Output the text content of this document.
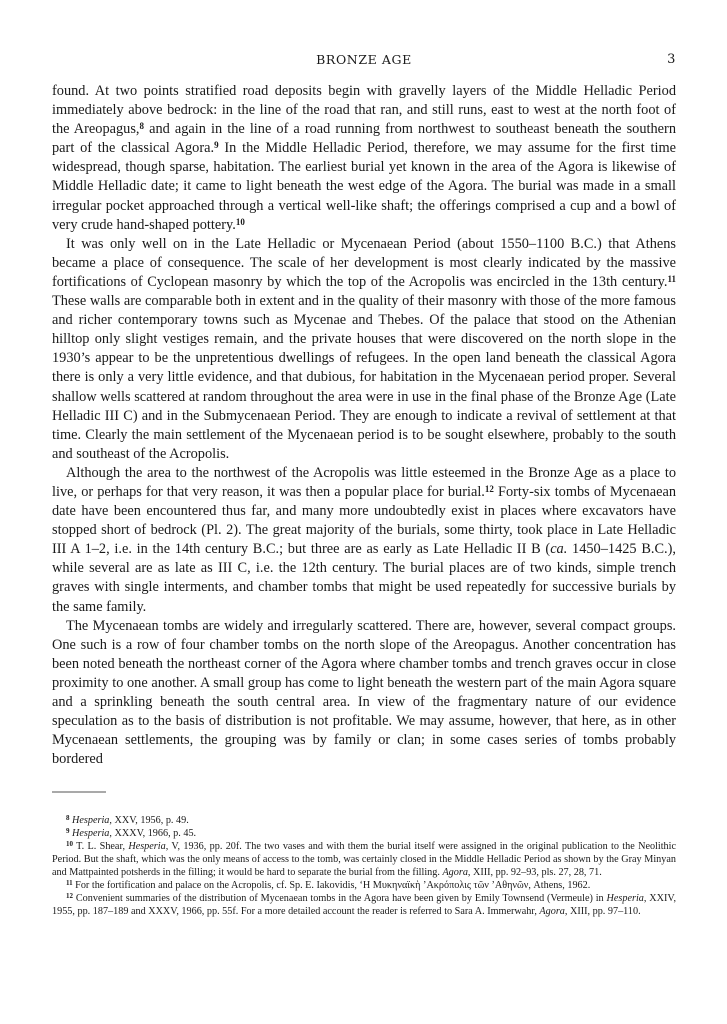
BRONZE AGE	3

found. At two points stratified road deposits begin with gravelly layers of the Middle Helladic Period immediately above bedrock: in the line of the road that ran, and still runs, east to west at the north foot of the Areopagus,$^8$ and again in the line of a road running from northwest to southeast beneath the southern part of the classical Agora.$^9$ In the Middle Helladic Period, therefore, we may assume for the first time widespread, though sparse, habitation. The earliest burial yet known in the area of the Agora is likewise of Middle Helladic date; it came to light beneath the west edge of the Agora. The burial was made in a small irregular pocket approached through a vertical well-like shaft; the offerings comprised a cup and a bowl of very crude hand-shaped pottery.$^{10}$

It was only well on in the Late Helladic or Mycenaean Period (about 1550–1100 B.C.) that Athens became a place of consequence. The scale of her development is most clearly indicated by the massive fortifications of Cyclopean masonry by which the top of the Acropolis was encircled in the 13th century.$^{11}$ These walls are comparable both in extent and in the quality of their masonry with those of the more famous and richer contemporary towns such as Mycenae and Thebes. Of the palace that stood on the Athenian hilltop only slight vestiges remain, and the private houses that were discovered on the north slope in the 1930’s appear to be the unpretentious dwellings of refugees. In the open land beneath the classical Agora there is only a very little evidence, and that dubious, for habitation in the Mycenaean period proper. Several shallow wells scattered at random throughout the area were in use in the final phase of the Bronze Age (Late Helladic III C) and in the Submycenaean Period. They are enough to indicate a revival of settlement at that time. Clearly the main settlement of the Mycenaean period is to be sought elsewhere, probably to the south and southeast of the Acropolis.

Although the area to the northwest of the Acropolis was little esteemed in the Bronze Age as a place to live, or perhaps for that very reason, it was then a popular place for burial.$^{12}$ Forty-six tombs of Mycenaean date have been encountered thus far, and many more undoubtedly exist in places where excavators have stopped short of bedrock (Pl. 2). The great majority of the burials, some thirty, took place in Late Helladic III A 1–2, i.e. in the 14th century B.C.; but three are as early as Late Helladic II B (ca. 1450–1425 B.C.), while several are as late as III C, i.e. the 12th century. The burial places are of two kinds, simple trench graves with single interments, and chamber tombs that might be used repeatedly for successive burials by the same family.

The Mycenaean tombs are widely and irregularly scattered. There are, however, several compact groups. One such is a row of four chamber tombs on the north slope of the Areopagus. Another concentration has been noted beneath the northeast corner of the Agora where chamber tombs and trench graves occur in close proximity to one another. A small group has come to light beneath the western part of the main Agora square and a sprinkling beneath the south central area. In view of the fragmentary nature of our evidence speculation as to the basis of distribution is not profitable. We may assume, however, that here, as in other Mycenaean settlements, the grouping was by family or clan; in some cases series of tombs probably bordered

$^8$ Hesperia, XXV, 1956, p. 49.

$^9$ Hesperia, XXXV, 1966, p. 45.

$^{10}$ T. L. Shear, Hesperia, V, 1936, pp. 20f. The two vases and with them the burial itself were assigned in the original publication to the Neolithic Period. But the shaft, which was the only means of access to the tomb, was certainly closed in the Middle Helladic Period as shown by the Gray Minyan and Mattpainted potsherds in the filling; it would be hard to separate the burial from the filling. Agora, XIII, pp. 92–93, pls. 27, 28, 71.

$^{11}$ For the fortification and palace on the Acropolis, cf. Sp. E. Iakovidis, ‘Η Μυκηναϊκὴ ’Ακρόπολις τῶν ’Αθηνῶν, Athens, 1962.

$^{12}$ Convenient summaries of the distribution of Mycenaean tombs in the Agora have been given by Emily Townsend (Vermeule) in Hesperia, XXIV, 1955, pp. 187–189 and XXXV, 1966, pp. 55f. For a more detailed account the reader is referred to Sara A. Immerwahr, Agora, XIII, pp. 97–110.
